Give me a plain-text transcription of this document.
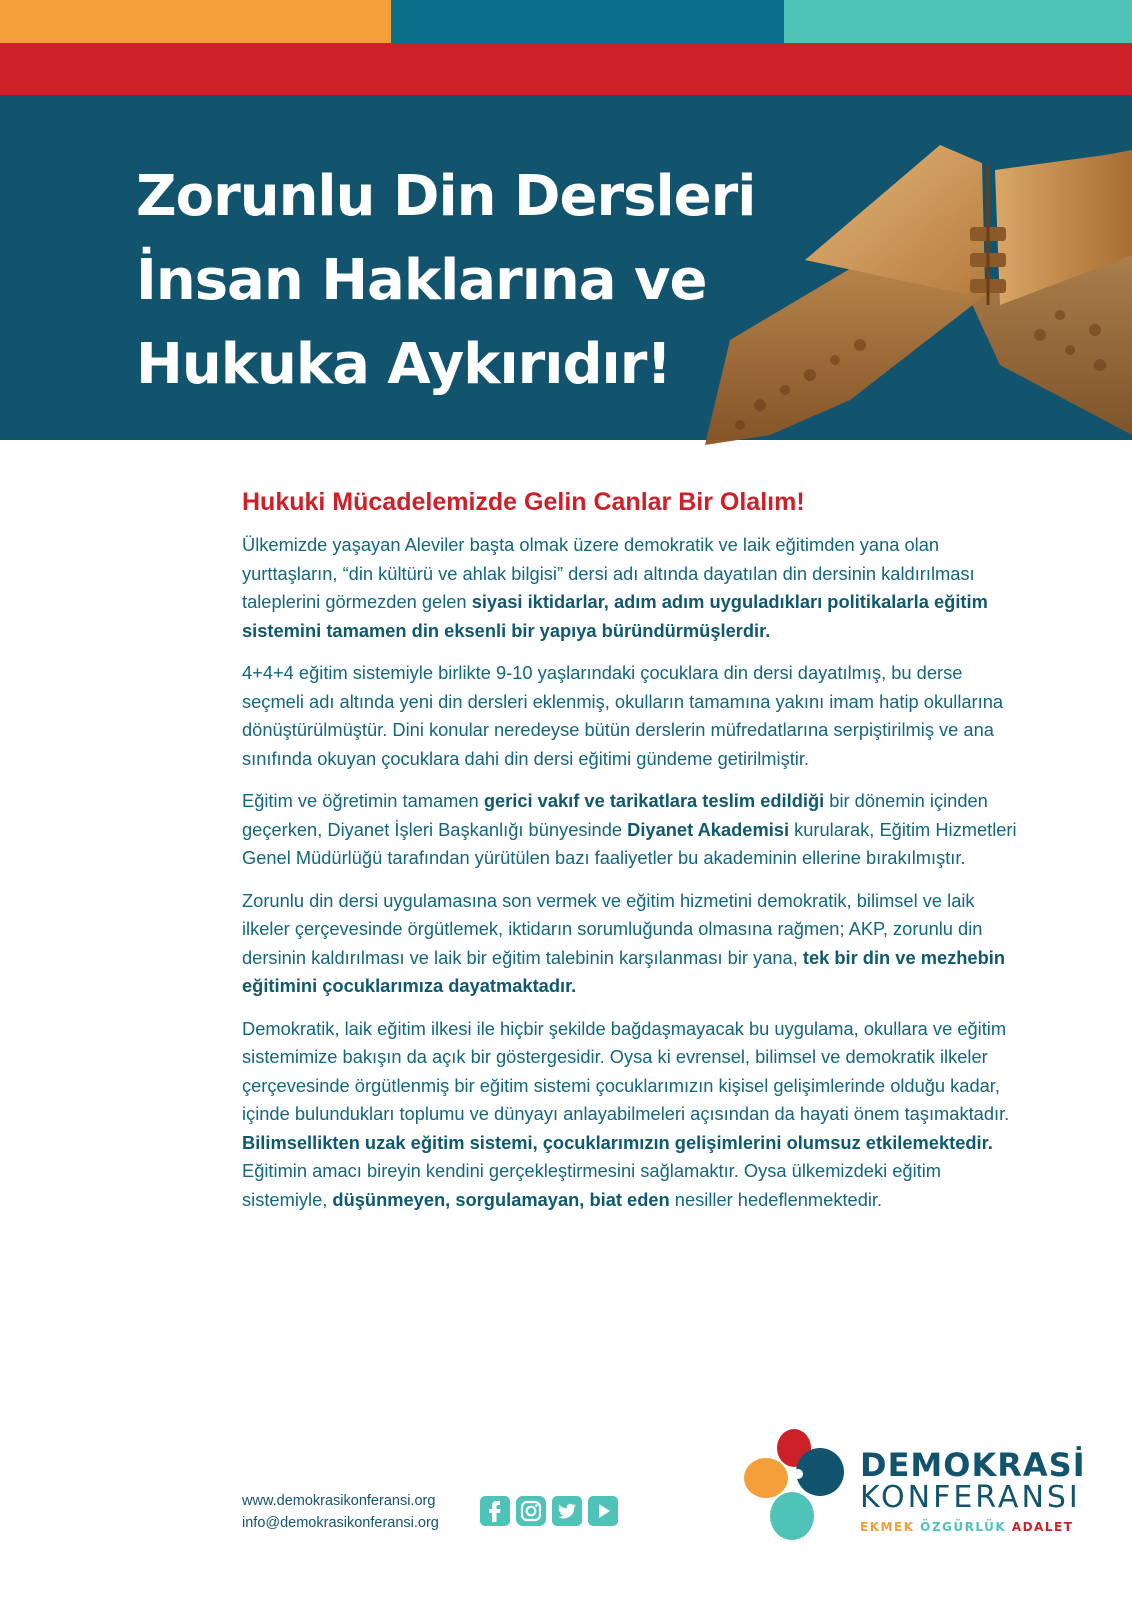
Zorunlu Din Dersleri
İnsan Haklarına ve
Hukuka Aykırıdır!
Hukuki Mücadelemizde Gelin Canlar Bir Olalım!

Ülkemizde yaşayan Aleviler başta olmak üzere demokratik ve laik eğitimden yana olan yurttaşların, “din kültürü ve ahlak bilgisi” dersi adı altında dayatılan din dersinin kaldırılması taleplerini görmezden gelen siyasi iktidarlar, adım adım uyguladıkları politikalarla eğitim sistemini tamamen din eksenli bir yapıya büründürmüşlerdir.

4+4+4 eğitim sistemiyle birlikte 9-10 yaşlarındaki çocuklara din dersi dayatılmış, bu derse seçmeli adı altında yeni din dersleri eklenmiş, okulların tamamına yakını imam hatip okullarına dönüştürülmüştür. Dini konular neredeyse bütün derslerin müfredatlarına serpiştirilmiş ve ana sınıfında okuyan çocuklara dahi din dersi eğitimi gündeme getirilmiştir.

Eğitim ve öğretimin tamamen gerici vakıf ve tarikatlara teslim edildiği bir dönemin içinden geçerken, Diyanet İşleri Başkanlığı bünyesinde Diyanet Akademisi kurularak, Eğitim Hizmetleri Genel Müdürlüğü tarafından yürütülen bazı faaliyetler bu akademinin ellerine bırakılmıştır.

Zorunlu din dersi uygulamasına son vermek ve eğitim hizmetini demokratik, bilimsel ve laik ilkeler çerçevesinde örgütlemek, iktidarın sorumluğunda olmasına rağmen; AKP, zorunlu din dersinin kaldırılması ve laik bir eğitim talebinin karşılanması bir yana, tek bir din ve mezhebin eğitimini çocuklarımıza dayatmaktadır.

Demokratik, laik eğitim ilkesi ile hiçbir şekilde bağdaşmayacak bu uygulama, okullara ve eğitim sistemimize bakışın da açık bir göstergesidir. Oysa ki evrensel, bilimsel ve demokratik ilkeler çerçevesinde örgütlenmiş bir eğitim sistemi çocuklarımızın kişisel gelişimlerinde olduğu kadar, içinde bulundukları toplumu ve dünyayı anlayabilmeleri açısından da hayati önem taşımaktadır. Bilimsellikten uzak eğitim sistemi, çocuklarımızın gelişimlerini olumsuz etkilemektedir. Eğitimin amacı bireyin kendini gerçekleştirmesini sağlamaktır. Oysa ülkemizdeki eğitim sistemiyle, düşünmeyen, sorgulamayan, biat eden nesiller hedeflenmektedir.

www.demokrasikonferansi.org
info@demokrasikonferansi.org
DEMOKRASİ
KONFERANSI
EKMEK ÖZGÜRLÜK ADALET
